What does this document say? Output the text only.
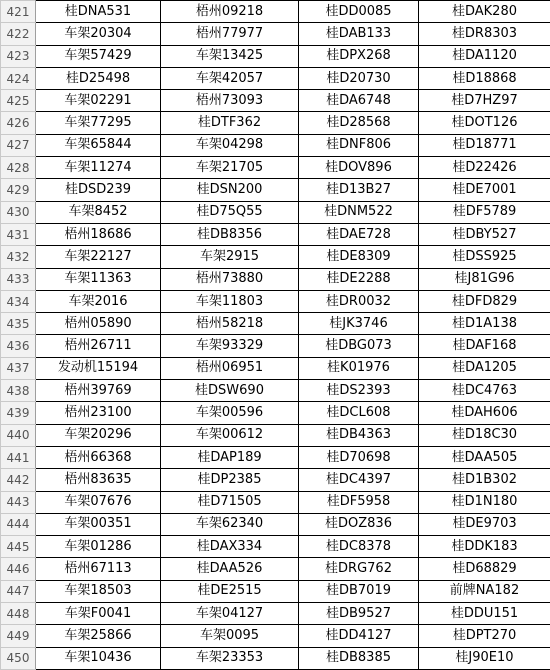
421	桂DNA531	梧州09218	桂DD0085	桂DAK280
422	车架20304	梧州77977	桂DAB133	桂DR8303
423	车架57429	车架13425	桂DPX268	桂DA1120
424	桂D25498	车架42057	桂D20730	桂D18868
425	车架02291	梧州73093	桂DA6748	桂D7HZ97
426	车架77295	桂DTF362	桂D28568	桂DOT126
427	车架65844	车架04298	桂DNF806	桂D18771
428	车架11274	车架21705	桂DOV896	桂D22426
429	桂DSD239	桂DSN200	桂D13B27	桂DE7001
430	车架8452	桂D75Q55	桂DNM522	桂DF5789
431	梧州18686	桂DB8356	桂DAE728	桂DBY527
432	车架22127	车架2915	桂DE8309	桂DSS925
433	车架11363	梧州73880	桂DE2288	桂J81G96
434	车架2016	车架11803	桂DR0032	桂DFD829
435	梧州05890	梧州58218	桂JK3746	桂D1A138
436	梧州26711	车架93329	桂DBG073	桂DAF168
437	发动机15194	梧州06951	桂K01976	桂DA1205
438	梧州39769	桂DSW690	桂DS2393	桂DC4763
439	梧州23100	车架00596	桂DCL608	桂DAH606
440	车架20296	车架00612	桂DB4363	桂D18C30
441	梧州66368	桂DAP189	桂D70698	桂DAA505
442	梧州83635	桂DP2385	桂DC4397	桂D1B302
443	车架07676	桂D71505	桂DF5958	桂D1N180
444	车架00351	车架62340	桂DOZ836	桂DE9703
445	车架01286	桂DAX334	桂DC8378	桂DDK183
446	梧州67113	桂DAA526	桂DRG762	桂D68829
447	车架18503	桂DE2515	桂DB7019	前牌NA182
448	车架F0041	车架04127	桂DB9527	桂DDU151
449	车架25866	车架0095	桂DD4127	桂DPT270
450	车架10436	车架23353	桂DB8385	桂J90E10
